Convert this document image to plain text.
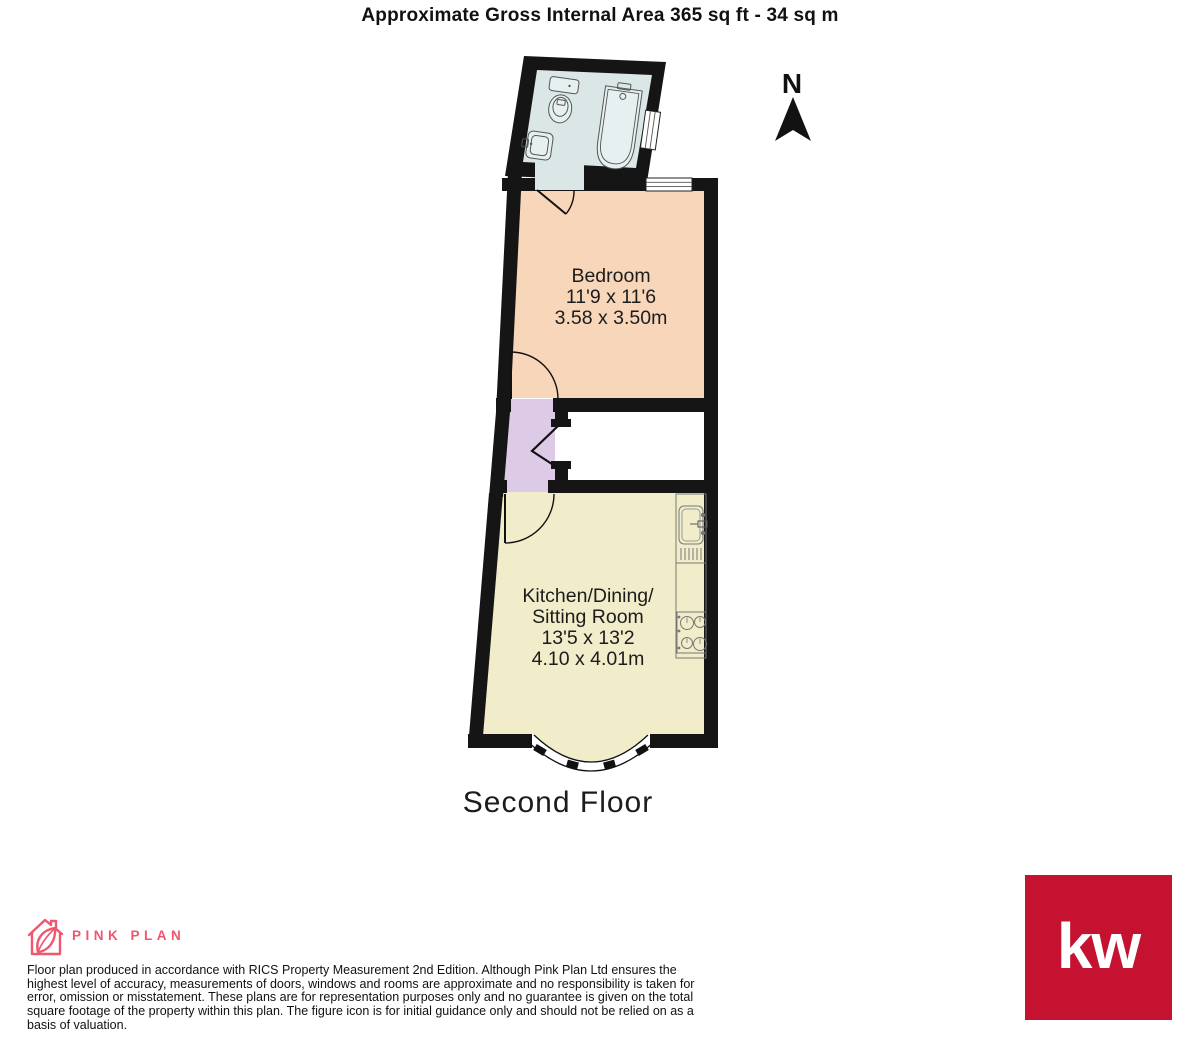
Approximate Gross Internal Area 365 sq ft - 34 sq m
Bedroom
11'9 x 11'6
3.58 x 3.50m
Kitchen/Dining/
Sitting Room
13'5 x 13'2
4.10 x 4.01m
N
Second Floor
PINK PLAN
Floor plan produced in accordance with RICS Property Measurement 2nd Edition. Although Pink Plan Ltd ensures the highest level of accuracy, measurements of doors, windows and rooms are approximate and no responsibility is taken for error, omission or misstatement. These plans are for representation purposes only and no guarantee is given on the total square footage of the property within this plan. The figure icon is for initial guidance only and should not be relied on as a basis of valuation.
kw
